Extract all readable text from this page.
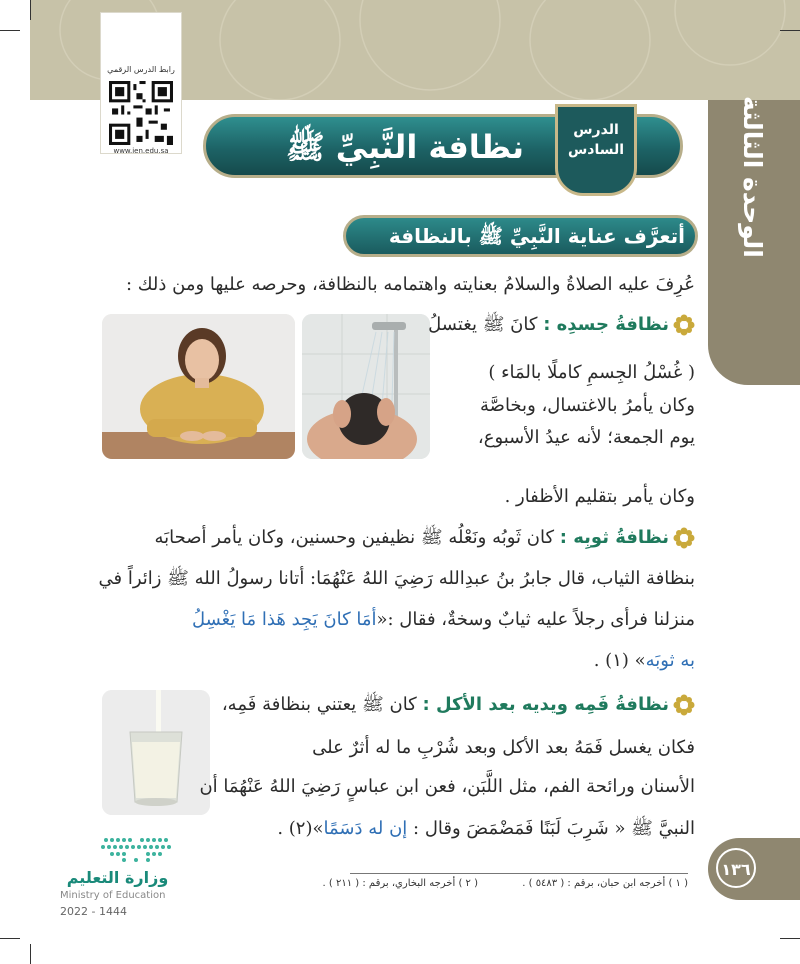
الوحدة الثالثة
رابط الدرس الرقمي
www.ien.edu.sa	نظافة النَّبِيِّ ﷺ	الدرس السادس
أتعرَّف عناية النَّبِيِّ ﷺ بالنظافة
عُرِفَ عليه الصلاةُ والسلامُ بعنايته واهتمامه بالنظافة، وحرصه عليها ومن ذلك :
نظافةُ جسدِه : كانَ ﷺ يغتسلُ
( غُسْلُ الجِسمِ كاملًا بالمَاء )
وكان يأمرُ بالاغتسال، وبخاصَّة
يوم الجمعة؛ لأنه عيدُ الأسبوع،
وكان يأمر بتقليم الأظفار .
نظافةُ ثوبِه : كان ثَوبُه ونَعْلُه ﷺ نظيفين وحسنين، وكان يأمر أصحابَه
بنظافة الثياب، قال جابرُ بنُ عبدِالله رَضِيَ اللهُ عَنْهُمَا: أتانا رسولُ الله ﷺ زائراً في
منزلنا فرأى رجلاً عليه ثيابٌ وسخةٌ، فقال :«أمَا كانَ يَجِد هَذا مَا يَغْسِلُ
به ثوبَه» (١) .
نظافةُ فَمِه ويديه بعد الأكل : كان ﷺ يعتني بنظافة فَمِه،
فكان يغسل فَمَهُ بعد الأكل وبعد شُرْبِ ما له أثرٌ على
الأسنان ورائحة الفم، مثل اللَّبَن، فعن ابن عباسٍ رَضِيَ اللهُ عَنْهُمَا أن
النبيَّ ﷺ « شَرِبَ لَبَنًا فَمَضْمَضَ وقال : إن له دَسَمًا»(٢) .
( ١ ) أخرجه ابن حبان، برقم : ( ٥٤٨٣ ) .
( ٢ ) أخرجه البخاري، برقم : ( ٢١١ ) .
١٣٦
وزارة التعليم
Ministry of Education
2022 - 1444
